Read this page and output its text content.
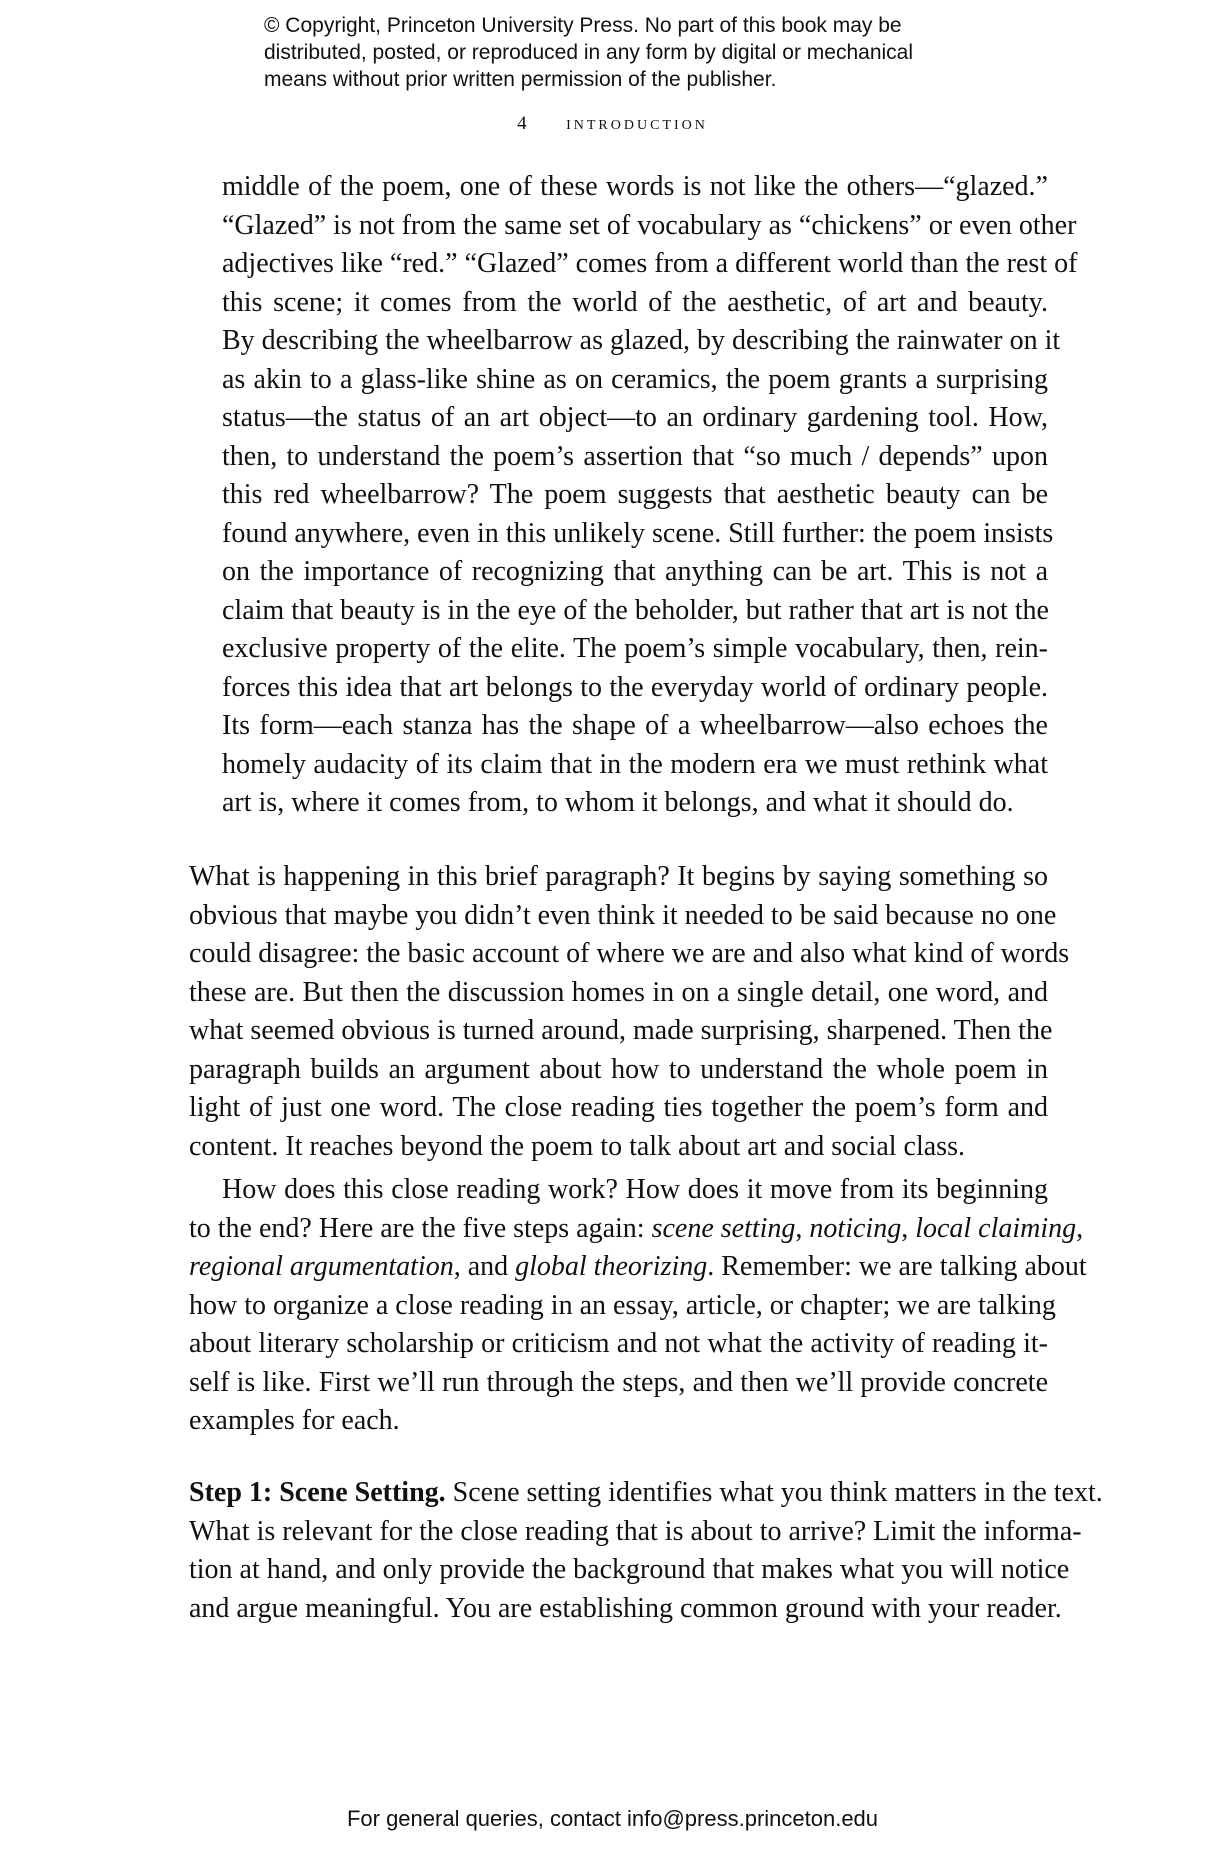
© Copyright, Princeton University Press. No part of this book may be
distributed, posted, or reproduced in any form by digital or mechanical
means without prior written permission of the publisher.
4 introduction
middle of the poem, one of these words is not like the others—“glazed.”
“Glazed” is not from the same set of vocabulary as “chickens” or even other
adjectives like “red.” “Glazed” comes from a different world than the rest of
this scene; it comes from the world of the aesthetic, of art and beauty.
By describing the wheelbarrow as glazed, by describing the rainwater on it
as akin to a glass-like shine as on ceramics, the poem grants a surprising
status—the status of an art object—to an ordinary gardening tool. How,
then, to understand the poem’s assertion that “so much / depends” upon
this red wheelbarrow? The poem suggests that aesthetic beauty can be
found anywhere, even in this unlikely scene. Still further: the poem insists
on the importance of recognizing that anything can be art. This is not a
claim that beauty is in the eye of the beholder, but rather that art is not the
exclusive property of the elite. The poem’s simple vocabulary, then, rein-
forces this idea that art belongs to the everyday world of ordinary people.
Its form—each stanza has the shape of a wheelbarrow—also echoes the
homely audacity of its claim that in the modern era we must rethink what
art is, where it comes from, to whom it belongs, and what it should do.
What is happening in this brief paragraph? It begins by saying something so
obvious that maybe you didn’t even think it needed to be said because no one
could disagree: the basic account of where we are and also what kind of words
these are. But then the discussion homes in on a single detail, one word, and
what seemed obvious is turned around, made surprising, sharpened. Then the
paragraph builds an argument about how to understand the whole poem in
light of just one word. The close reading ties together the poem’s form and
content. It reaches beyond the poem to talk about art and social class.
How does this close reading work? How does it move from its beginning
to the end? Here are the five steps again: scene setting, noticing, local claiming,
regional argumentation, and global theorizing. Remember: we are talking about
how to organize a close reading in an essay, article, or chapter; we are talking
about literary scholarship or criticism and not what the activity of reading it-
self is like. First we’ll run through the steps, and then we’ll provide concrete
examples for each.
Step 1: Scene Setting. Scene setting identifies what you think matters in the text.
What is relevant for the close reading that is about to arrive? Limit the informa-
tion at hand, and only provide the background that makes what you will notice
and argue meaningful. You are establishing common ground with your reader.
For general queries, contact info@press.princeton.edu
